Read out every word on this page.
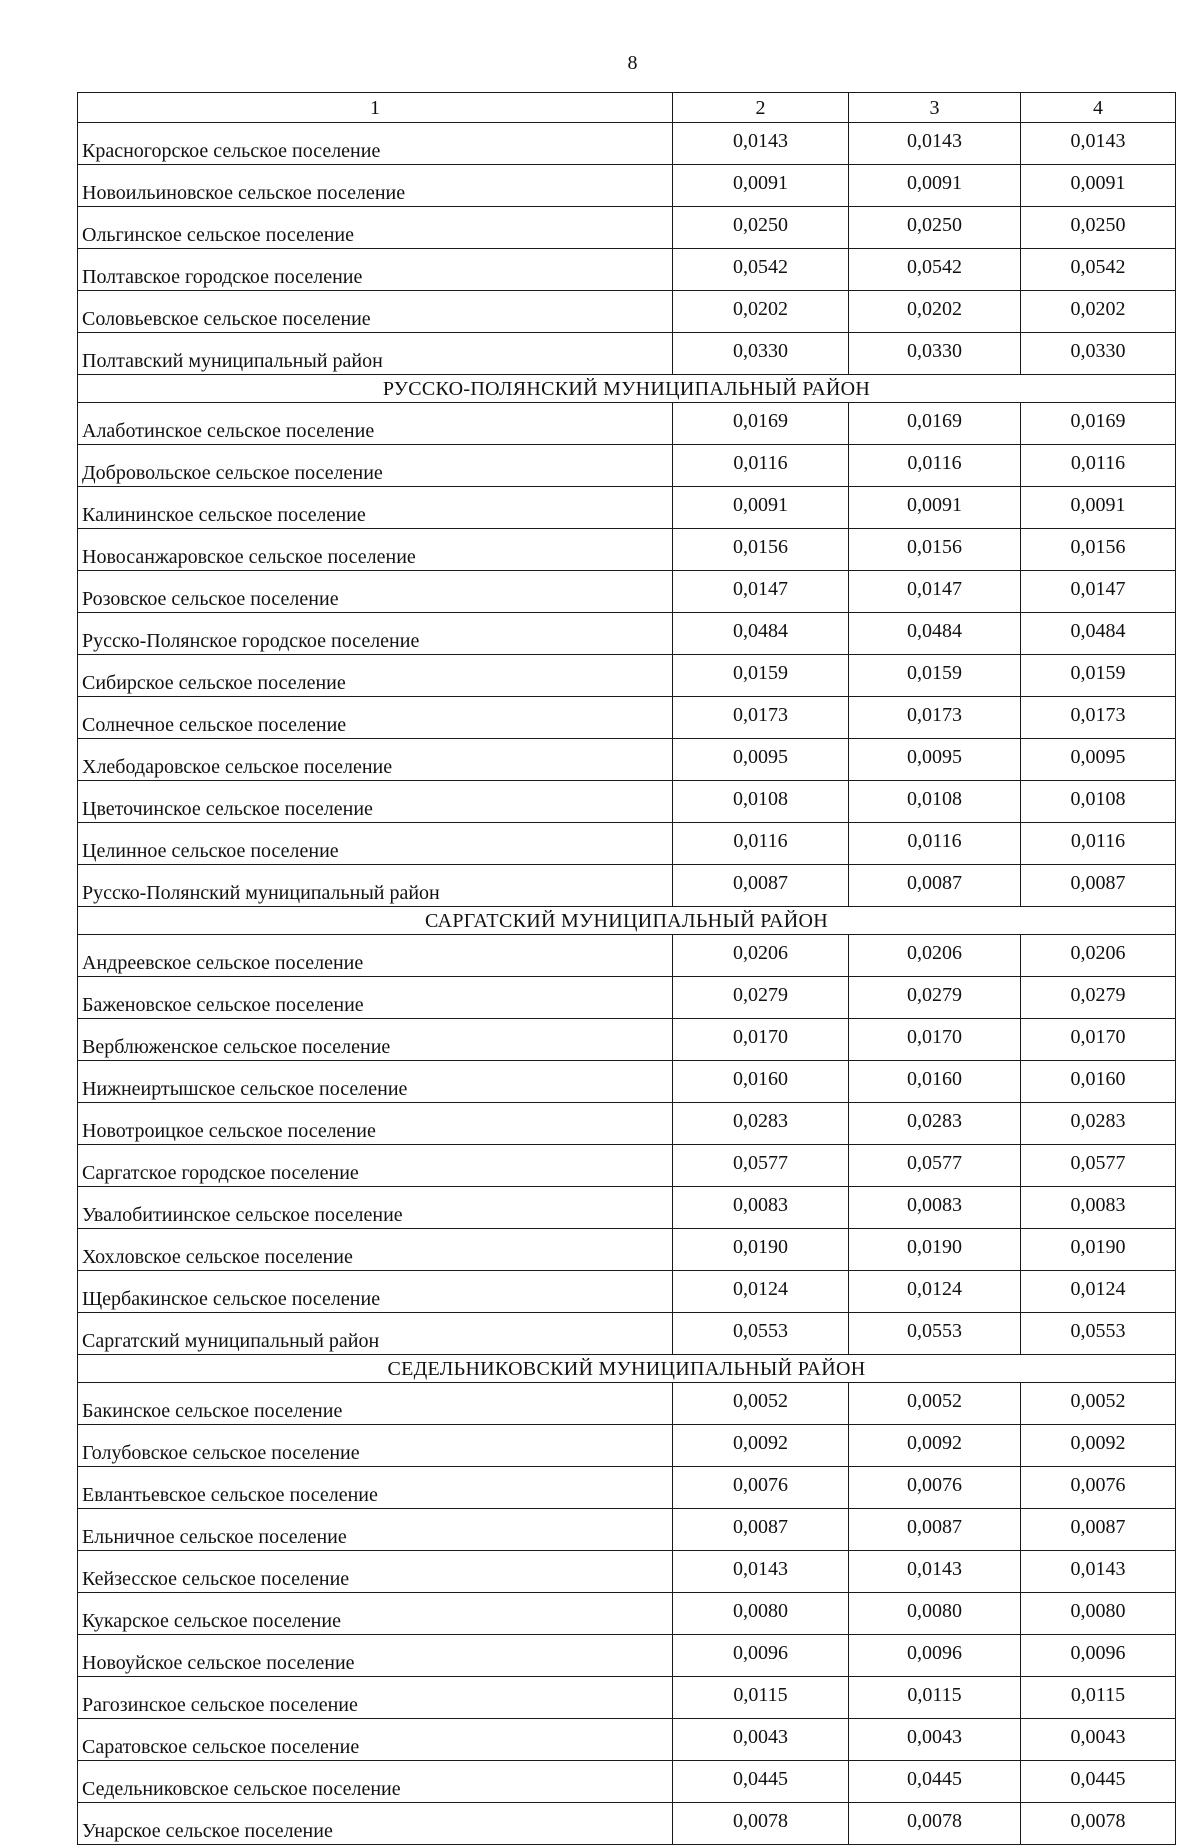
8
1	2	3	4
Красногорское сельское поселение	0,0143	0,0143	0,0143
Новоильиновское сельское поселение	0,0091	0,0091	0,0091
Ольгинское сельское поселение	0,0250	0,0250	0,0250
Полтавское городское поселение	0,0542	0,0542	0,0542
Соловьевское сельское поселение	0,0202	0,0202	0,0202
Полтавский муниципальный район	0,0330	0,0330	0,0330
РУССКО-ПОЛЯНСКИЙ МУНИЦИПАЛЬНЫЙ РАЙОН			
Алаботинское сельское поселение	0,0169	0,0169	0,0169
Добровольское сельское поселение	0,0116	0,0116	0,0116
Калининское сельское поселение	0,0091	0,0091	0,0091
Новосанжаровское сельское поселение	0,0156	0,0156	0,0156
Розовское сельское поселение	0,0147	0,0147	0,0147
Русско-Полянское городское поселение	0,0484	0,0484	0,0484
Сибирское сельское поселение	0,0159	0,0159	0,0159
Солнечное сельское поселение	0,0173	0,0173	0,0173
Хлебодаровское сельское поселение	0,0095	0,0095	0,0095
Цветочинское сельское поселение	0,0108	0,0108	0,0108
Целинное сельское поселение	0,0116	0,0116	0,0116
Русско-Полянский муниципальный район	0,0087	0,0087	0,0087
САРГАТСКИЙ МУНИЦИПАЛЬНЫЙ РАЙОН			
Андреевское сельское поселение	0,0206	0,0206	0,0206
Баженовское сельское поселение	0,0279	0,0279	0,0279
Верблюженское сельское поселение	0,0170	0,0170	0,0170
Нижнеиртышское сельское поселение	0,0160	0,0160	0,0160
Новотроицкое сельское поселение	0,0283	0,0283	0,0283
Саргатское городское поселение	0,0577	0,0577	0,0577
Увалобитиинское сельское поселение	0,0083	0,0083	0,0083
Хохловское сельское поселение	0,0190	0,0190	0,0190
Щербакинское сельское поселение	0,0124	0,0124	0,0124
Саргатский муниципальный район	0,0553	0,0553	0,0553
СЕДЕЛЬНИКОВСКИЙ МУНИЦИПАЛЬНЫЙ РАЙОН			
Бакинское сельское поселение	0,0052	0,0052	0,0052
Голубовское сельское поселение	0,0092	0,0092	0,0092
Евлантьевское сельское поселение	0,0076	0,0076	0,0076
Ельничное сельское поселение	0,0087	0,0087	0,0087
Кейзесское сельское поселение	0,0143	0,0143	0,0143
Кукарское сельское поселение	0,0080	0,0080	0,0080
Новоуйское сельское поселение	0,0096	0,0096	0,0096
Рагозинское сельское поселение	0,0115	0,0115	0,0115
Саратовское сельское поселение	0,0043	0,0043	0,0043
Седельниковское сельское поселение	0,0445	0,0445	0,0445
Унарское сельское поселение	0,0078	0,0078	0,0078
